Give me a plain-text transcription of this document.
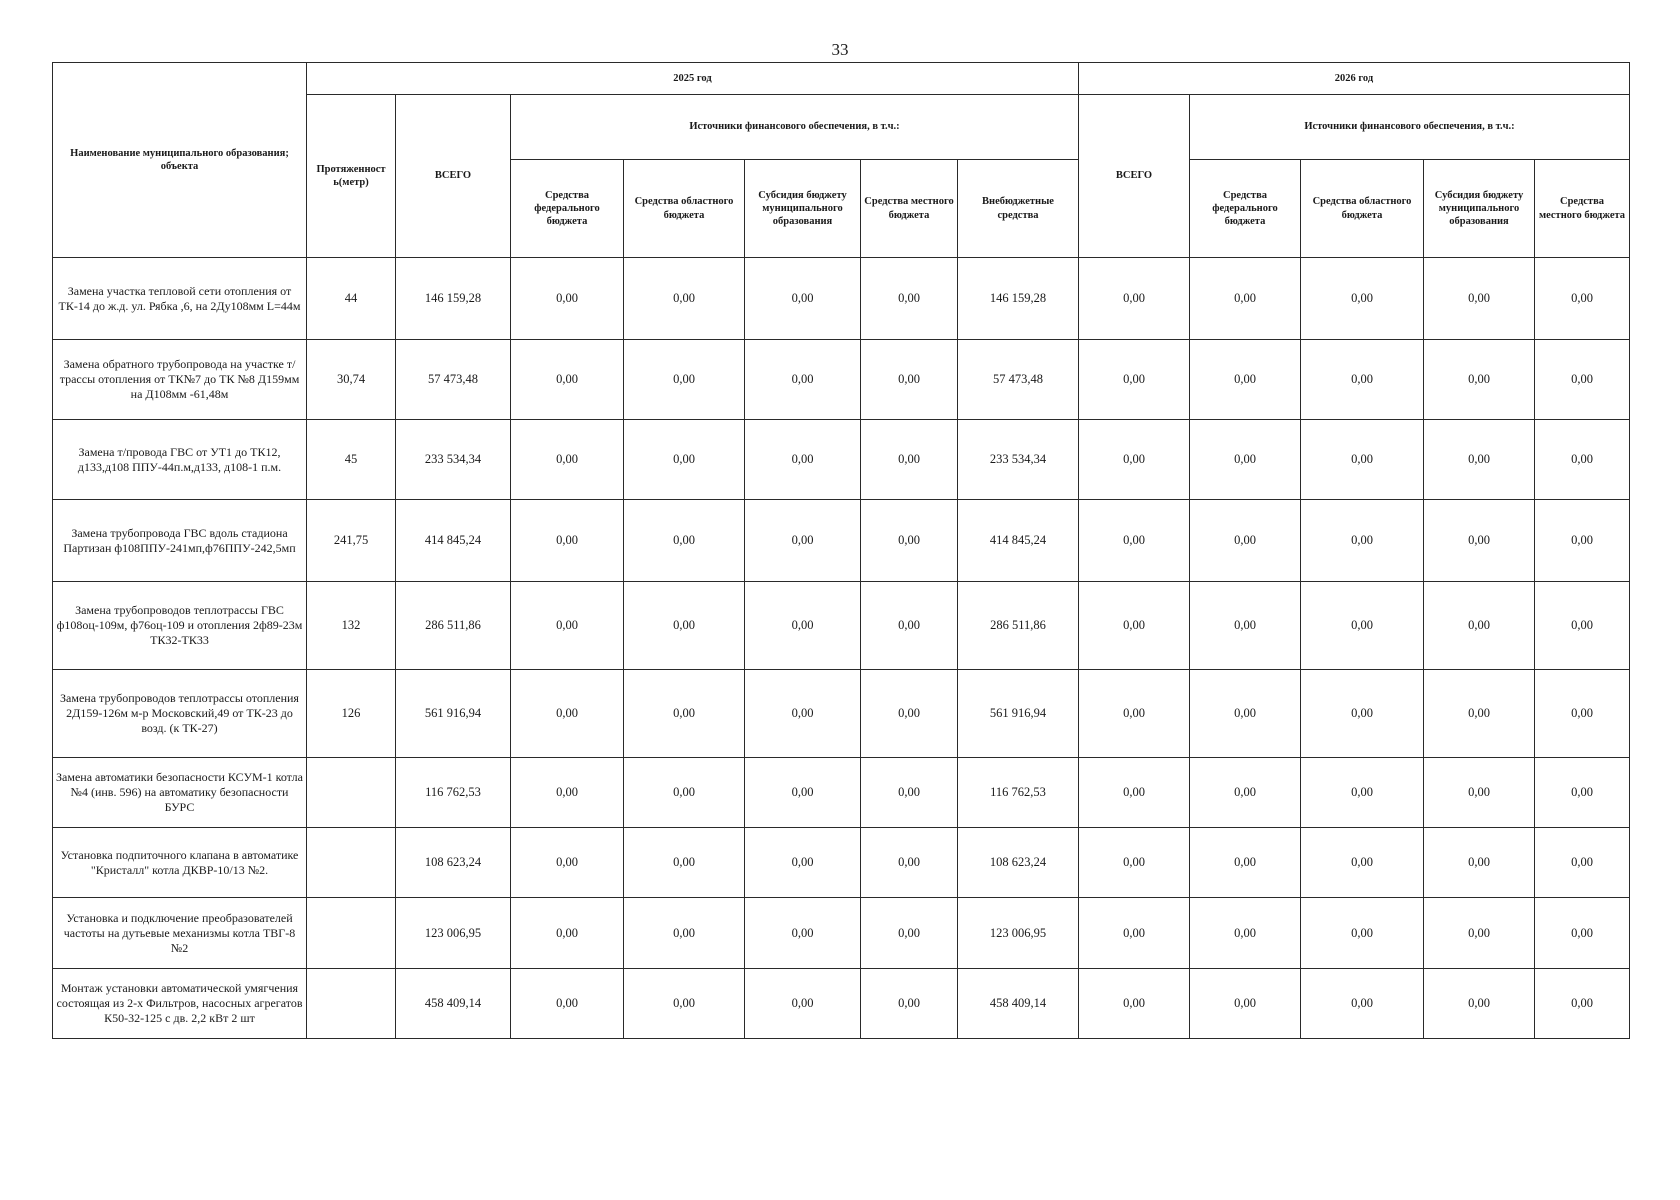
33
Наименование муниципального образования; объекта	2025 год							2026 год				
	Протяженност ь(метр)	ВСЕГО	Источники финансового обеспечения, в т.ч.:					ВСЕГО	Источники финансового обеспечения, в т.ч.:			
			Средства федерального бюджета	Средства областного бюджета	Субсидия бюджету муниципального образования	Средства местного бюджета	Внебюджетные средства		Средства федерального бюджета	Средства областного бюджета	Субсидия бюджету муниципального образования	Средства местного бюджета
Замена участка тепловой сети отопления от ТК-14 до ж.д. ул. Рябка ,6, на 2Ду108мм L=44м	44	146 159,28	0,00	0,00	0,00	0,00	146 159,28	0,00	0,00	0,00	0,00	0,00
Замена обратного трубопровода на участке т/трассы отопления от ТК№7 до ТК №8 Д159мм на Д108мм -61,48м	30,74	57 473,48	0,00	0,00	0,00	0,00	57 473,48	0,00	0,00	0,00	0,00	0,00
Замена т/провода ГВС от УТ1 до ТК12, д133,д108 ППУ-44п.м,д133, д108-1 п.м.	45	233 534,34	0,00	0,00	0,00	0,00	233 534,34	0,00	0,00	0,00	0,00	0,00
Замена трубопровода ГВС вдоль стадиона Партизан ф108ППУ-241мп,ф76ППУ-242,5мп	241,75	414 845,24	0,00	0,00	0,00	0,00	414 845,24	0,00	0,00	0,00	0,00	0,00
Замена трубопроводов теплотрассы ГВС ф108оц-109м, ф76оц-109 и отопления 2ф89-23м ТК32-ТК33	132	286 511,86	0,00	0,00	0,00	0,00	286 511,86	0,00	0,00	0,00	0,00	0,00
Замена трубопроводов теплотрассы отопления 2Д159-126м м-р Московский,49 от ТК-23 до возд. (к ТК-27)	126	561 916,94	0,00	0,00	0,00	0,00	561 916,94	0,00	0,00	0,00	0,00	0,00
Замена автоматики безопасности КСУМ-1 котла №4 (инв. 596) на автоматику безопасности БУРС		116 762,53	0,00	0,00	0,00	0,00	116 762,53	0,00	0,00	0,00	0,00	0,00
Установка подпиточного клапана в автоматике "Кристалл" котла ДКВР-10/13 №2.		108 623,24	0,00	0,00	0,00	0,00	108 623,24	0,00	0,00	0,00	0,00	0,00
Установка и подключение преобразователей частоты на дутьевые механизмы котла ТВГ-8 №2		123 006,95	0,00	0,00	0,00	0,00	123 006,95	0,00	0,00	0,00	0,00	0,00
Монтаж установки автоматической умягчения состоящая из 2-х Фильтров, насосных агрегатов К50-32-125 с дв. 2,2 кВт 2 шт		458 409,14	0,00	0,00	0,00	0,00	458 409,14	0,00	0,00	0,00	0,00	0,00
